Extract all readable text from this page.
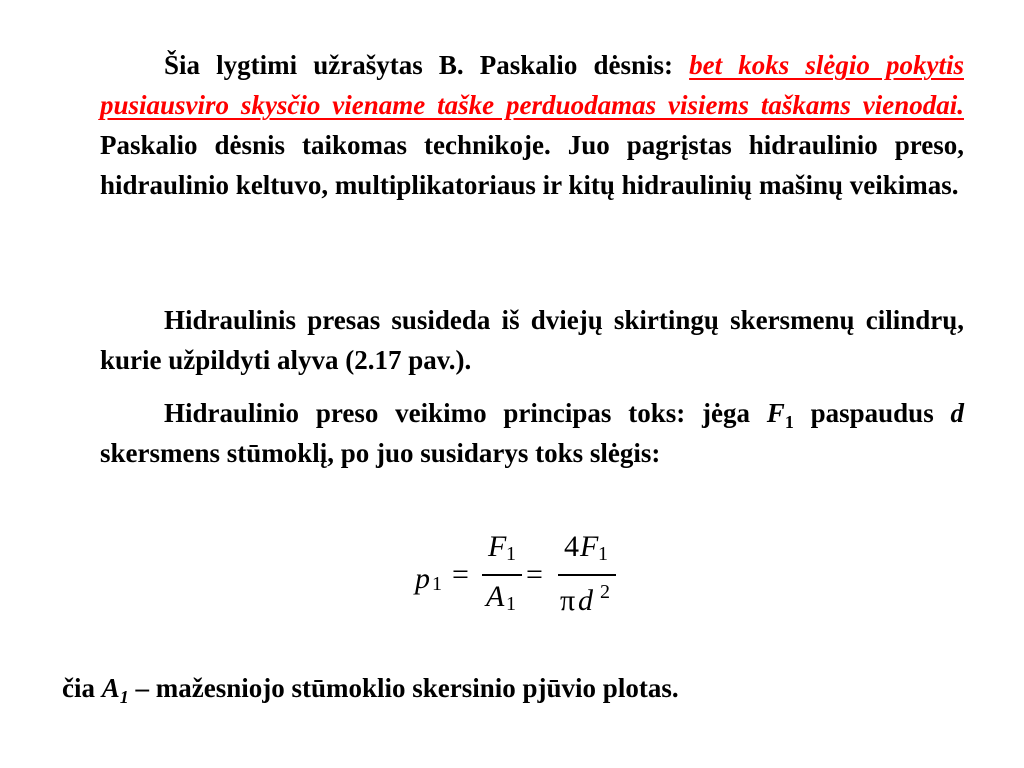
Šia lygtimi užrašytas B. Paskalio dėsnis: bet koks slėgio pokytis pusiausviro skysčio viename taške perduodamas visiems taškams vienodai. Paskalio dėsnis taikomas technikoje. Juo pagrįstas hidraulinio preso, hidraulinio keltuvo, multiplikatoriaus ir kitų hidraulinių mašinų veikimas.

Hidraulinis presas susideda iš dviejų skirtingų skersmenų cilindrų, kurie užpildyti alyva (2.17 pav.).

Hidraulinio preso veikimo principas toks: jėga $F_1$ paspaudus d skersmens stūmoklį, po juo susidarys toks slėgis:

p 1 =
F 1
A 1
=
4 F 1
π d 2
čia $A_1$ – mažesniojo stūmoklio skersinio pjūvio plotas.
